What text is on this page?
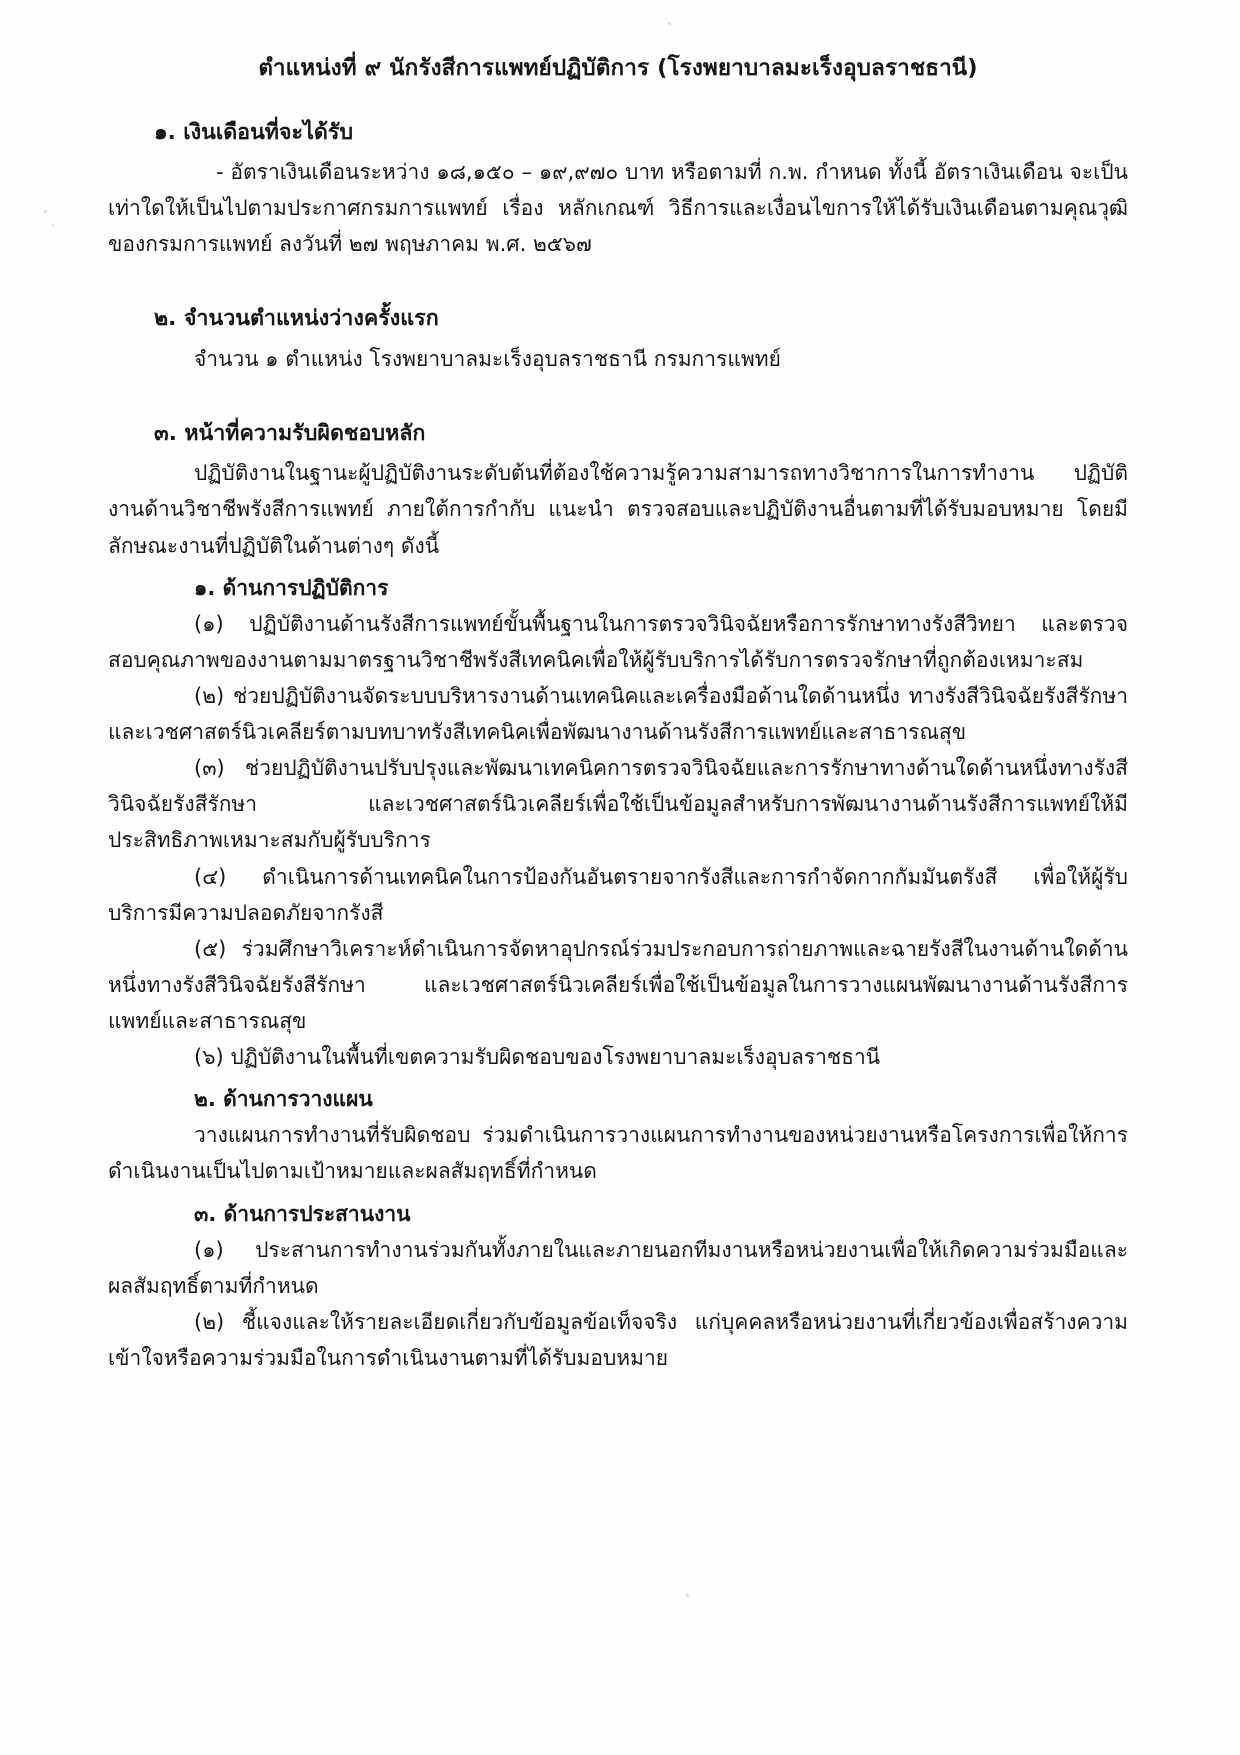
ตำแหน่งที่ ๙ นักรังสีการแพทย์ปฏิบัติการ (โรงพยาบาลมะเร็งอุบลราชธานี)
๑. เงินเดือนที่จะได้รับ

- อัตราเงินเดือนระหว่าง ๑๘,๑๕๐ – ๑๙,๙๗๐ บาท หรือตามที่ ก.พ. กำหนด ทั้งนี้ อัตราเงินเดือน จะเป็นเท่าใดให้เป็นไปตามประกาศกรมการแพทย์ เรื่อง หลักเกณฑ์ วิธีการและเงื่อนไขการให้ได้รับเงินเดือนตามคุณวุฒิ ของกรมการแพทย์ ลงวันที่ ๒๗ พฤษภาคม พ.ศ. ๒๕๖๗

๒. จำนวนตำแหน่งว่างครั้งแรก

จำนวน ๑ ตำแหน่ง โรงพยาบาลมะเร็งอุบลราชธานี กรมการแพทย์

๓. หน้าที่ความรับผิดชอบหลัก

ปฏิบัติงานในฐานะผู้ปฏิบัติงานระดับต้นที่ต้องใช้ความรู้ความสามารถทางวิชาการในการทำงาน ปฏิบัติงานด้านวิชาชีพรังสีการแพทย์ ภายใต้การกำกับ แนะนำ ตรวจสอบและปฏิบัติงานอื่นตามที่ได้รับมอบหมาย โดยมีลักษณะงานที่ปฏิบัติในด้านต่างๆ ดังนี้

๑. ด้านการปฏิบัติการ

(๑) ปฏิบัติงานด้านรังสีการแพทย์ขั้นพื้นฐานในการตรวจวินิจฉัยหรือการรักษาทางรังสีวิทยา และตรวจสอบคุณภาพของงานตามมาตรฐานวิชาชีพรังสีเทคนิคเพื่อให้ผู้รับบริการได้รับการตรวจรักษาที่ถูกต้องเหมาะสม

(๒) ช่วยปฏิบัติงานจัดระบบบริหารงานด้านเทคนิคและเครื่องมือด้านใดด้านหนึ่ง ทางรังสีวินิจฉัยรังสีรักษา และเวชศาสตร์นิวเคลียร์ตามบทบาทรังสีเทคนิคเพื่อพัฒนางานด้านรังสีการแพทย์และสาธารณสุข

(๓) ช่วยปฏิบัติงานปรับปรุงและพัฒนาเทคนิคการตรวจวินิจฉัยและการรักษาทางด้านใดด้านหนึ่งทางรังสีวินิจฉัยรังสีรักษา และเวชศาสตร์นิวเคลียร์เพื่อใช้เป็นข้อมูลสำหรับการพัฒนางานด้านรังสีการแพทย์ให้มีประสิทธิภาพเหมาะสมกับผู้รับบริการ

(๔) ดำเนินการด้านเทคนิคในการป้องกันอันตรายจากรังสีและการกำจัดกากกัมมันตรังสี เพื่อให้ผู้รับบริการมีความปลอดภัยจากรังสี

(๕) ร่วมศึกษาวิเคราะห์ดำเนินการจัดหาอุปกรณ์ร่วมประกอบการถ่ายภาพและฉายรังสีในงานด้านใดด้านหนึ่งทางรังสีวินิจฉัยรังสีรักษา และเวชศาสตร์นิวเคลียร์เพื่อใช้เป็นข้อมูลในการวางแผนพัฒนางานด้านรังสีการแพทย์และสาธารณสุข

(๖) ปฏิบัติงานในพื้นที่เขตความรับผิดชอบของโรงพยาบาลมะเร็งอุบลราชธานี

๒. ด้านการวางแผน

วางแผนการทำงานที่รับผิดชอบ ร่วมดำเนินการวางแผนการทำงานของหน่วยงานหรือโครงการเพื่อให้การดำเนินงานเป็นไปตามเป้าหมายและผลสัมฤทธิ์ที่กำหนด

๓. ด้านการประสานงาน

(๑) ประสานการทำงานร่วมกันทั้งภายในและภายนอกทีมงานหรือหน่วยงานเพื่อให้เกิดความร่วมมือและผลสัมฤทธิ์ตามที่กำหนด

(๒) ชี้แจงและให้รายละเอียดเกี่ยวกับข้อมูลข้อเท็จจริง แก่บุคคลหรือหน่วยงานที่เกี่ยวข้องเพื่อสร้างความเข้าใจหรือความร่วมมือในการดำเนินงานตามที่ได้รับมอบหมาย
